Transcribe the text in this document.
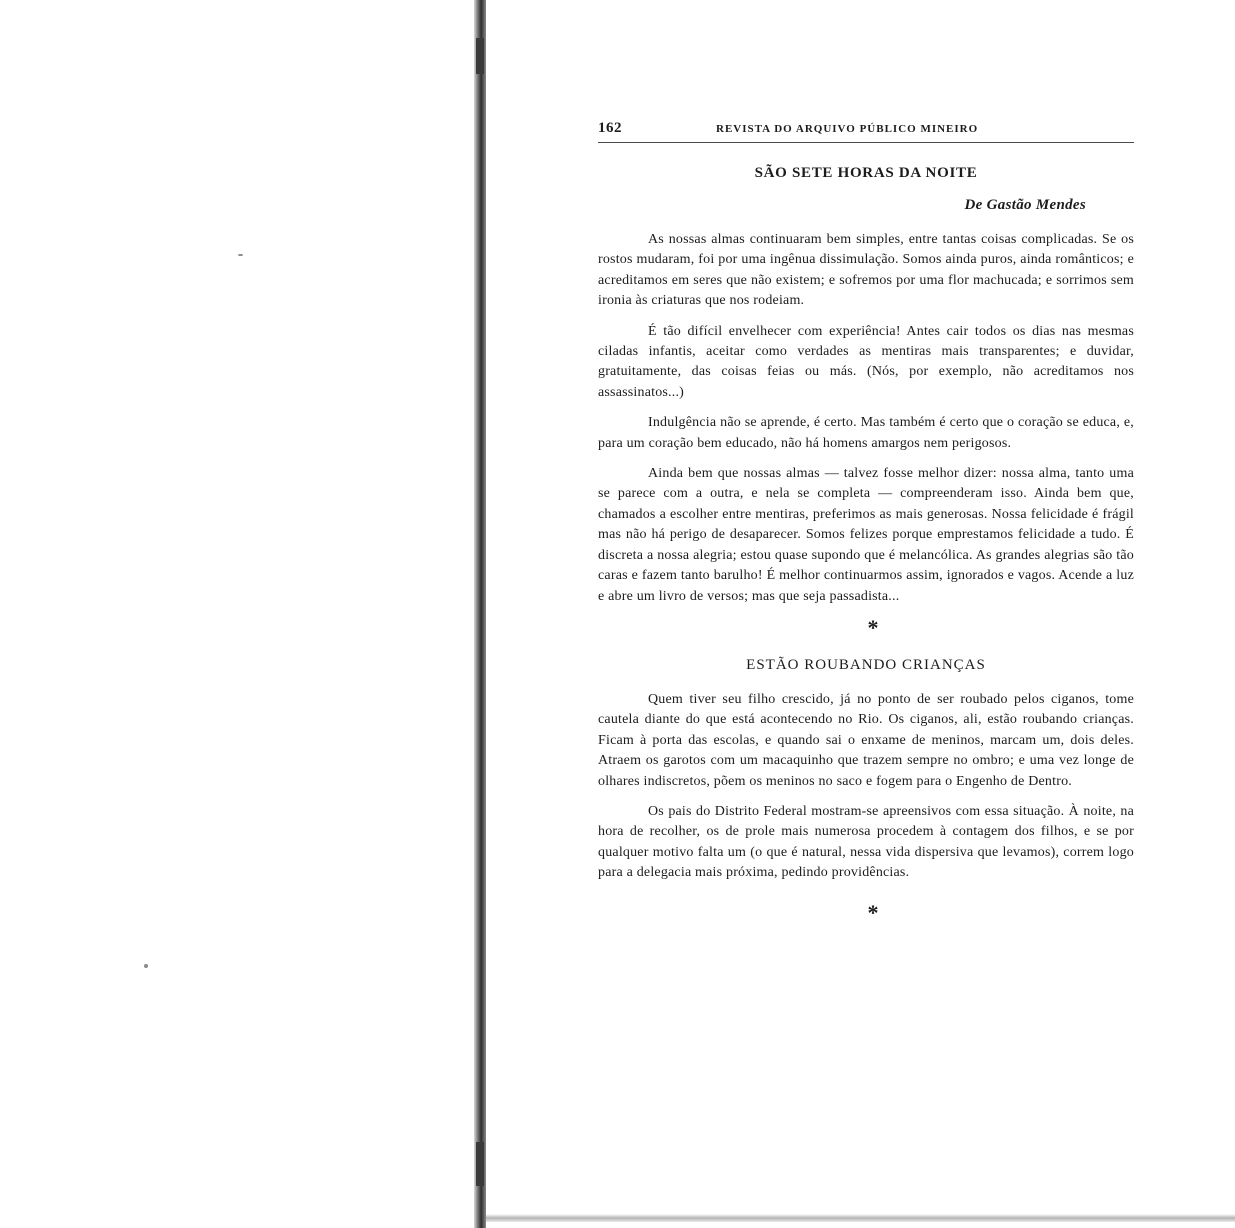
162	REVISTA DO ARQUIVO PÚBLICO MINEIRO
SÃO SETE HORAS DA NOITE
De Gastão Mendes

As nossas almas continuaram bem simples, entre tantas coisas complicadas. Se os rostos mudaram, foi por uma ingênua dissimulação. Somos ainda puros, ainda românticos; e acreditamos em seres que não existem; e sofremos por uma flor machucada; e sorrimos sem ironia às criaturas que nos rodeiam.

É tão difícil envelhecer com experiência! Antes cair todos os dias nas mesmas ciladas infantis, aceitar como verdades as mentiras mais transparentes; e duvidar, gratuitamente, das coisas feias ou más. (Nós, por exemplo, não acreditamos nos assassinatos...)

Indulgência não se aprende, é certo. Mas também é certo que o coração se educa, e, para um coração bem educado, não há homens amargos nem perigosos.

Ainda bem que nossas almas — talvez fosse melhor dizer: nossa alma, tanto uma se parece com a outra, e nela se completa — compreenderam isso. Ainda bem que, chamados a escolher entre mentiras, preferimos as mais generosas. Nossa felicidade é frágil mas não há perigo de desaparecer. Somos felizes porque emprestamos felicidade a tudo. É discreta a nossa alegria; estou quase supondo que é melancólica. As grandes alegrias são tão caras e fazem tanto barulho! É melhor continuarmos assim, ignorados e vagos. Acende a luz e abre um livro de versos; mas que seja passadista...

*
ESTÃO ROUBANDO CRIANÇAS

Quem tiver seu filho crescido, já no ponto de ser roubado pelos ciganos, tome cautela diante do que está acontecendo no Rio. Os ciganos, ali, estão roubando crianças. Ficam à porta das escolas, e quando sai o enxame de meninos, marcam um, dois deles. Atraem os garotos com um macaquinho que trazem sempre no ombro; e uma vez longe de olhares indiscretos, põem os meninos no saco e fogem para o Engenho de Dentro.

Os pais do Distrito Federal mostram-se apreensivos com essa situação. À noite, na hora de recolher, os de prole mais numerosa procedem à contagem dos filhos, e se por qualquer motivo falta um (o que é natural, nessa vida dispersiva que levamos), correm logo para a delegacia mais próxima, pedindo providências.

*
